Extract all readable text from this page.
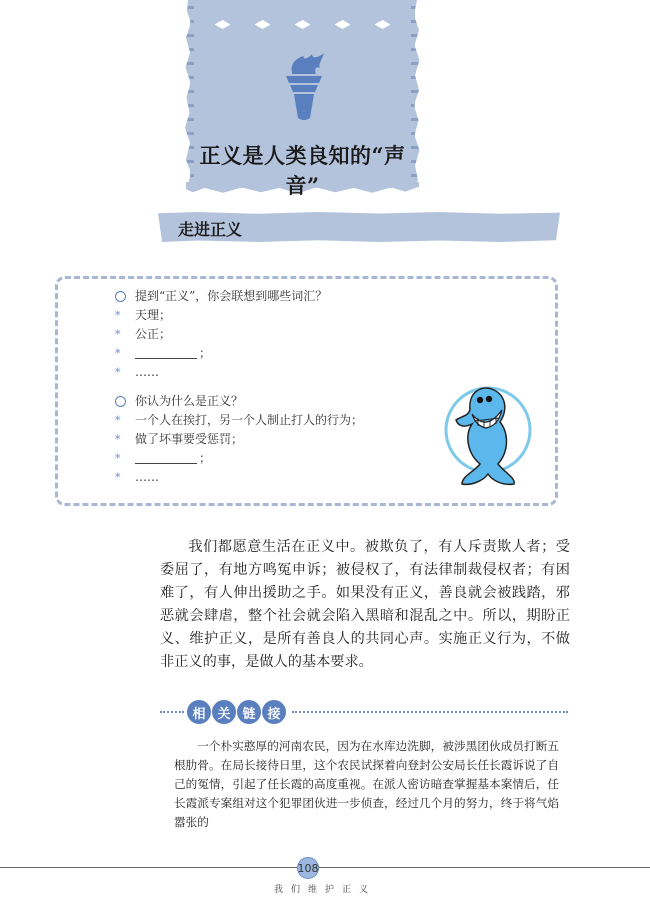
正义是人类良知的“声音”
走进正义
提到“正义”，你会联想到哪些词汇？
*	天理；
*	公正；
*	；
*	……
你认为什么是正义？
*	一个人在挨打，另一个人制止打人的行为；
*	做了坏事要受惩罚；
*	；
*	……
我们都愿意生活在正义中。被欺负了，有人斥责欺人者；受委屈了，有地方鸣冤申诉；被侵权了，有法律制裁侵权者；有困难了，有人伸出援助之手。如果没有正义，善良就会被践踏，邪恶就会肆虐，整个社会就会陷入黑暗和混乱之中。所以，期盼正义、维护正义，是所有善良人的共同心声。实施正义行为，不做非正义的事，是做人的基本要求。
相 关 链 接
一个朴实憨厚的河南农民，因为在水库边洗脚，被涉黑团伙成员打断五根肋骨。在局长接待日里，这个农民试探着向登封公安局长任长霞诉说了自己的冤情，引起了任长霞的高度重视。在派人密访暗查掌握基本案情后，任长霞派专案组对这个犯罪团伙进一步侦查，经过几个月的努力，终于将气焰嚣张的
108
我们维护正义
